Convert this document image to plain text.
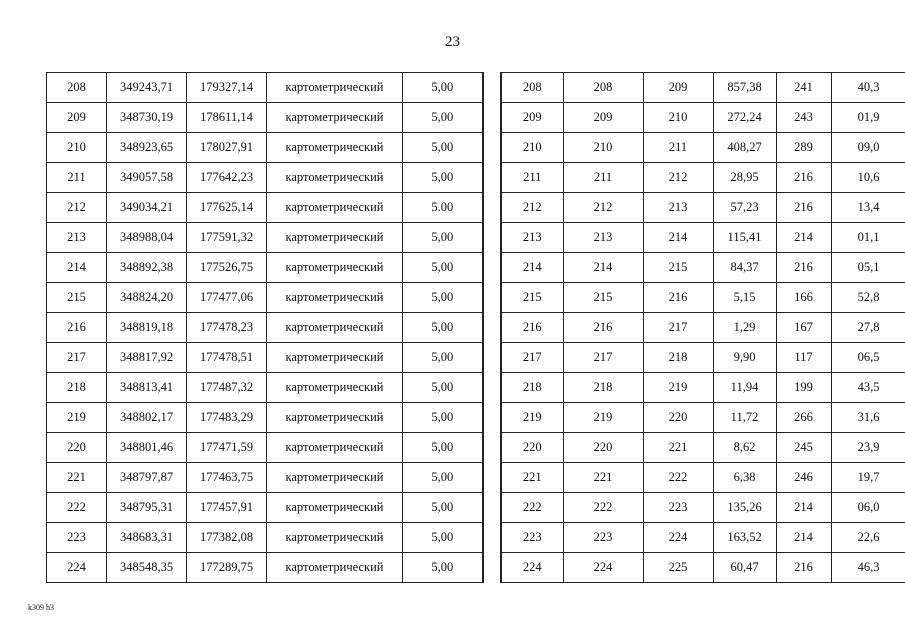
23
208	349243,71	179327,14	картометрический	5,00
209	348730,19	178611,14	картометрический	5,00
210	348923,65	178027,91	картометрический	5,00
211	349057,58	177642,23	картометрический	5,00
212	349034,21	177625,14	картометрический	5.00
213	348988,04	177591,32	картометрический	5,00
214	348892,38	177526,75	картометрический	5,00
215	348824,20	177477,06	картометрический	5,00
216	348819,18	177478,23	картометрический	5,00
217	348817,92	177478,51	картометрический	5,00
218	348813,41	177487,32	картометрический	5,00
219	348802,17	177483,29	картометрический	5,00
220	348801,46	177471,59	картометрический	5,00
221	348797,87	177463,75	картометрический	5,00
222	348795,31	177457,91	картометрический	5,00
223	348683,31	177382,08	картометрический	5,00
224	348548,35	177289,75	картометрический	5,00
208	208	209	857,38	241	40,3
209	209	210	272,24	243	01,9
210	210	211	408,27	289	09,0
211	211	212	28,95	216	10,6
212	212	213	57,23	216	13,4
213	213	214	115,41	214	01,1
214	214	215	84,37	216	05,1
215	215	216	5,15	166	52,8
216	216	217	1,29	167	27,8
217	217	218	9,90	117	06,5
218	218	219	11,94	199	43,5
219	219	220	11,72	266	31,6
220	220	221	8,62	245	23,9
221	221	222	6,38	246	19,7
222	222	223	135,26	214	06,0
223	223	224	163,52	214	22,6
224	224	225	60,47	216	46,3
k309 h3
